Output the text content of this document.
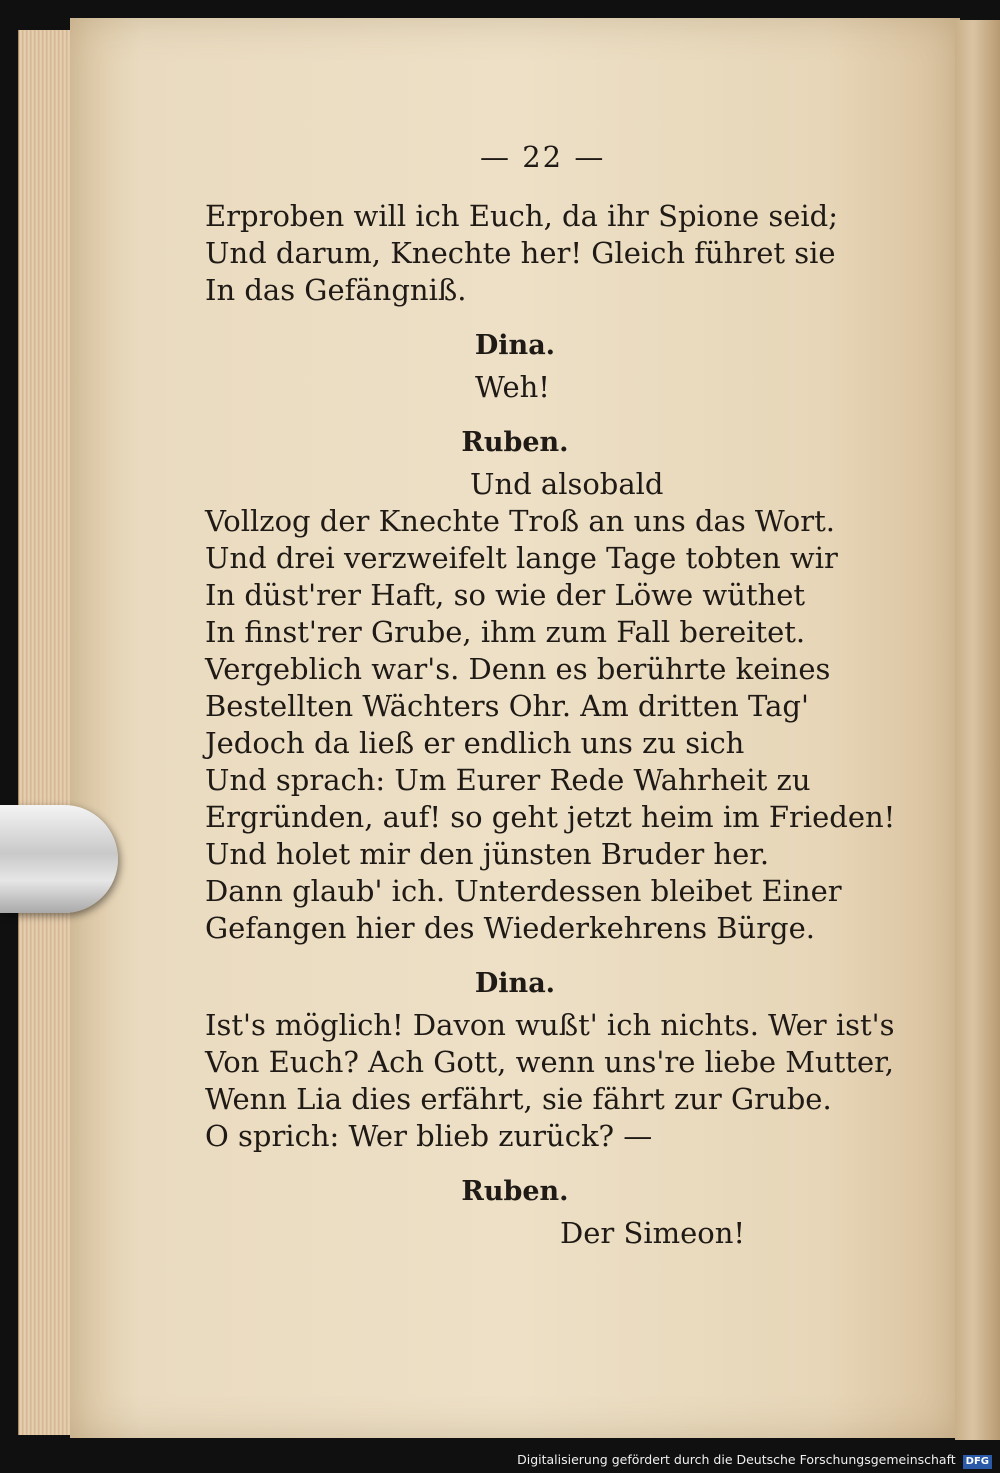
— 22 —
Erproben will ich Euch, da ihr Spione seid;
Und darum, Knechte her! Gleich führet sie
In das Gefängniß.
Dina.
Weh!
Ruben.
Und alsobald
Vollzog der Knechte Troß an uns das Wort.
Und drei verzweifelt lange Tage tobten wir
In düst'rer Haft, so wie der Löwe wüthet
In finst'rer Grube, ihm zum Fall bereitet.
Vergeblich war's. Denn es berührte keines
Bestellten Wächters Ohr. Am dritten Tag'
Jedoch da ließ er endlich uns zu sich
Und sprach: Um Eurer Rede Wahrheit zu
Ergründen, auf! so geht jetzt heim im Frieden!
Und holet mir den jünsten Bruder her.
Dann glaub' ich. Unterdessen bleibet Einer
Gefangen hier des Wiederkehrens Bürge.
Dina.
Ist's möglich! Davon wußt' ich nichts. Wer ist's
Von Euch? Ach Gott, wenn uns're liebe Mutter,
Wenn Lia dies erfährt, sie fährt zur Grube.
O sprich: Wer blieb zurück? —
Ruben.
Der Simeon!
Digitalisierung gefördert durch die Deutsche Forschungsgemeinschaft DFG
